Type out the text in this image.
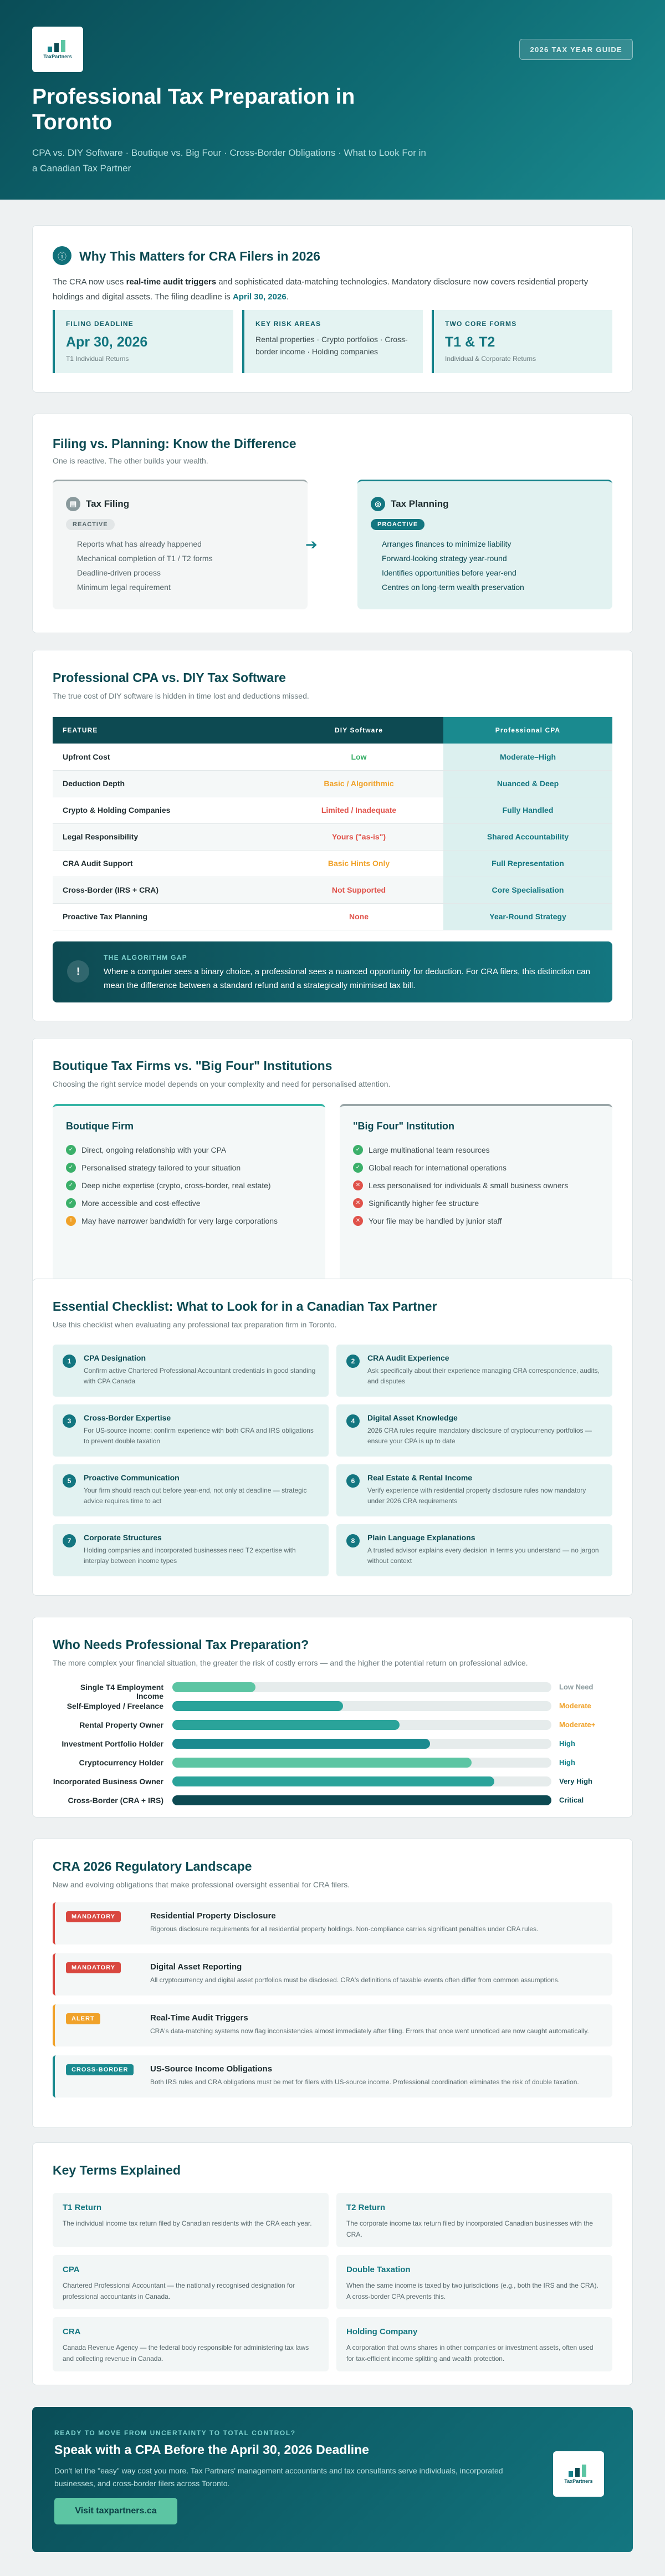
TaxPartners
2026 TAX YEAR GUIDE
Professional Tax Preparation in Toronto
CPA vs. DIY Software · Boutique vs. Big Four · Cross-Border Obligations · What to Look For in a Canadian Tax Partner
ⓘ	Why This Matters for CRA Filers in 2026
The CRA now uses real-time audit triggers and sophisticated data-matching technologies. Mandatory disclosure now covers residential property holdings and digital assets. The filing deadline is April 30, 2026.
FILING DEADLINE
Apr 30, 2026
T1 Individual Returns
KEY RISK AREAS
Rental properties · Crypto portfolios · Cross-border income · Holding companies
TWO CORE FORMS
T1 & T2
Individual & Corporate Returns
Filing vs. Planning: Know the Difference
One is reactive. The other builds your wealth.
▤ Tax Filing
REACTIVE
Reports what has already happened
Mechanical completion of T1 / T2 forms
Deadline-driven process
Minimum legal requirement
➔
◎	Tax Planning
PROACTIVE
Arranges finances to minimize liability
Forward-looking strategy year-round
Identifies opportunities before year-end
Centres on long-term wealth preservation
Professional CPA vs. DIY Tax Software
The true cost of DIY software is hidden in time lost and deductions missed.
FEATURE	DIY Software	Professional CPA
Upfront Cost	Low	Moderate–High
Deduction Depth	Basic / Algorithmic	Nuanced & Deep
Crypto & Holding Companies	Limited / Inadequate	Fully Handled
Legal Responsibility	Yours ("as-is")	Shared Accountability
CRA Audit Support	Basic Hints Only	Full Representation
Cross-Border (IRS + CRA)	Not Supported	Core Specialisation
Proactive Tax Planning	None	Year-Round Strategy
!
THE ALGORITHM GAP
Where a computer sees a binary choice, a professional sees a nuanced opportunity for deduction. For CRA filers, this distinction can mean the difference between a standard refund and a strategically minimised tax bill.
Boutique Tax Firms vs. "Big Four" Institutions
Choosing the right service model depends on your complexity and need for personalised attention.
Boutique Firm
✓	Direct, ongoing relationship with your CPA
✓	Personalised strategy tailored to your situation
✓	Deep niche expertise (crypto, cross-border, real estate)
✓	More accessible and cost-effective
!	May have narrower bandwidth for very large corporations
"Big Four" Institution
✓	Large multinational team resources
✓	Global reach for international operations
✕	Less personalised for individuals & small business owners
✕	Significantly higher fee structure
✕	Your file may be handled by junior staff
Essential Checklist: What to Look for in a Canadian Tax Partner
Use this checklist when evaluating any professional tax preparation firm in Toronto.
1	CPA Designation

Confirm active Chartered Professional Accountant credentials in good standing with CPA Canada

2	CRA Audit Experience

Ask specifically about their experience managing CRA correspondence, audits, and disputes

3	Cross-Border Expertise

For US-source income: confirm experience with both CRA and IRS obligations to prevent double taxation

4	Digital Asset Knowledge

2026 CRA rules require mandatory disclosure of cryptocurrency portfolios — ensure your CPA is up to date

5	Proactive Communication

Your firm should reach out before year-end, not only at deadline — strategic advice requires time to act

6	Real Estate & Rental Income

Verify experience with residential property disclosure rules now mandatory under 2026 CRA requirements

7	Corporate Structures

Holding companies and incorporated businesses need T2 expertise with interplay between income types

8	Plain Language Explanations

A trusted advisor explains every decision in terms you understand — no jargon without context

Who Needs Professional Tax Preparation?
The more complex your financial situation, the greater the risk of costly errors — and the higher the potential return on professional advice.
Single T4 Employment Income
Low Need
Self-Employed / Freelance	Moderate
Rental Property Owner	Moderate+
Investment Portfolio Holder	High
Cryptocurrency Holder	High
Incorporated Business Owner	Very High
Cross-Border (CRA + IRS)	Critical
CRA 2026 Regulatory Landscape
New and evolving obligations that make professional oversight essential for CRA filers.
MANDATORY	Residential Property Disclosure

Rigorous disclosure requirements for all residential property holdings. Non-compliance carries significant penalties under CRA rules.

MANDATORY	Digital Asset Reporting

All cryptocurrency and digital asset portfolios must be disclosed. CRA's definitions of taxable events often differ from common assumptions.

ALERT	Real-Time Audit Triggers

CRA's data-matching systems now flag inconsistencies almost immediately after filing. Errors that once went unnoticed are now caught automatically.

CROSS-BORDER	US-Source Income Obligations

Both IRS rules and CRA obligations must be met for filers with US-source income. Professional coordination eliminates the risk of double taxation.

Key Terms Explained
T1 Return

The individual income tax return filed by Canadian residents with the CRA each year.

T2 Return

The corporate income tax return filed by incorporated Canadian businesses with the CRA.

CPA

Chartered Professional Accountant — the nationally recognised designation for professional accountants in Canada.

Double Taxation

When the same income is taxed by two jurisdictions (e.g., both the IRS and the CRA). A cross-border CPA prevents this.

CRA

Canada Revenue Agency — the federal body responsible for administering tax laws and collecting revenue in Canada.

Holding Company

A corporation that owns shares in other companies or investment assets, often used for tax-efficient income splitting and wealth protection.

READY TO MOVE FROM UNCERTAINTY TO TOTAL CONTROL?
Speak with a CPA Before the April 30, 2026 Deadline

Don't let the "easy" way cost you more. Tax Partners' management accountants and tax consultants serve individuals, incorporated businesses, and cross-border filers across Toronto.

Visit taxpartners.ca
TaxPartners
